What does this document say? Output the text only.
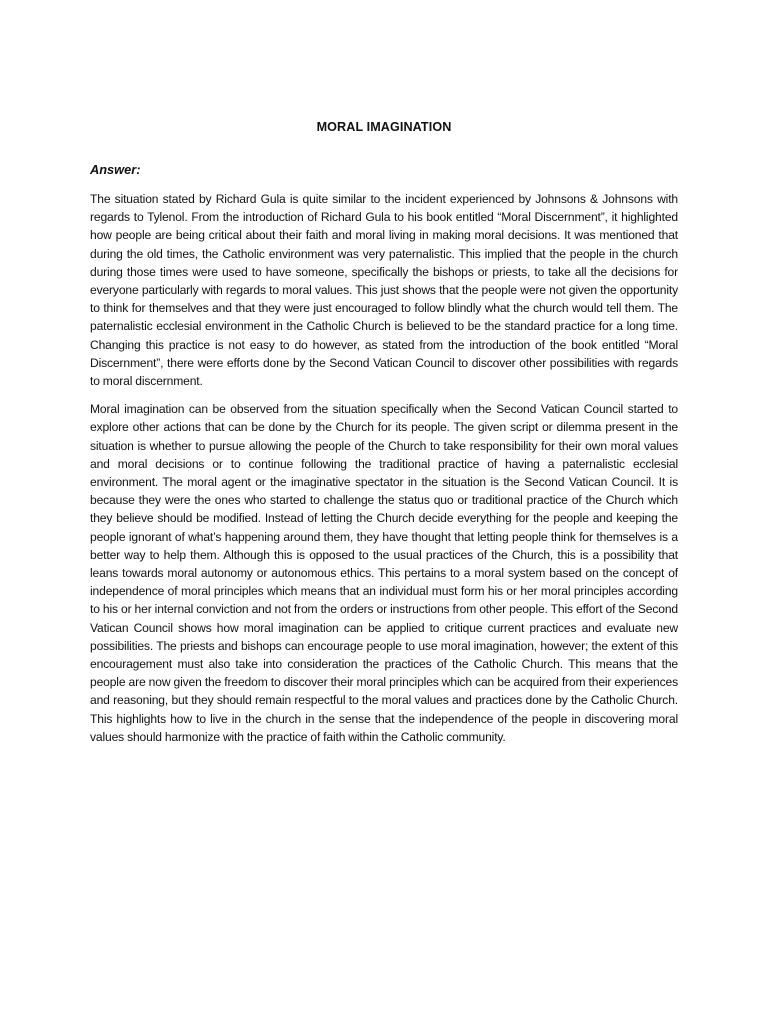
MORAL IMAGINATION
Answer:

The situation stated by Richard Gula is quite similar to the incident experienced by Johnsons & Johnsons with regards to Tylenol. From the introduction of Richard Gula to his book entitled “Moral Discernment”, it highlighted how people are being critical about their faith and moral living in making moral decisions. It was mentioned that during the old times, the Catholic environment was very paternalistic. This implied that the people in the church during those times were used to have someone, specifically the bishops or priests, to take all the decisions for everyone particularly with regards to moral values. This just shows that the people were not given the opportunity to think for themselves and that they were just encouraged to follow blindly what the church would tell them. The paternalistic ecclesial environment in the Catholic Church is believed to be the standard practice for a long time. Changing this practice is not easy to do however, as stated from the introduction of the book entitled “Moral Discernment”, there were efforts done by the Second Vatican Council to discover other possibilities with regards to moral discernment.

Moral imagination can be observed from the situation specifically when the Second Vatican Council started to explore other actions that can be done by the Church for its people. The given script or dilemma present in the situation is whether to pursue allowing the people of the Church to take responsibility for their own moral values and moral decisions or to continue following the traditional practice of having a paternalistic ecclesial environment. The moral agent or the imaginative spectator in the situation is the Second Vatican Council. It is because they were the ones who started to challenge the status quo or traditional practice of the Church which they believe should be modified. Instead of letting the Church decide everything for the people and keeping the people ignorant of what’s happening around them, they have thought that letting people think for themselves is a better way to help them. Although this is opposed to the usual practices of the Church, this is a possibility that leans towards moral autonomy or autonomous ethics. This pertains to a moral system based on the concept of independence of moral principles which means that an individual must form his or her moral principles according to his or her internal conviction and not from the orders or instructions from other people. This effort of the Second Vatican Council shows how moral imagination can be applied to critique current practices and evaluate new possibilities. The priests and bishops can encourage people to use moral imagination, however; the extent of this encouragement must also take into consideration the practices of the Catholic Church. This means that the people are now given the freedom to discover their moral principles which can be acquired from their experiences and reasoning, but they should remain respectful to the moral values and practices done by the Catholic Church. This highlights how to live in the church in the sense that the independence of the people in discovering moral values should harmonize with the practice of faith within the Catholic community.
